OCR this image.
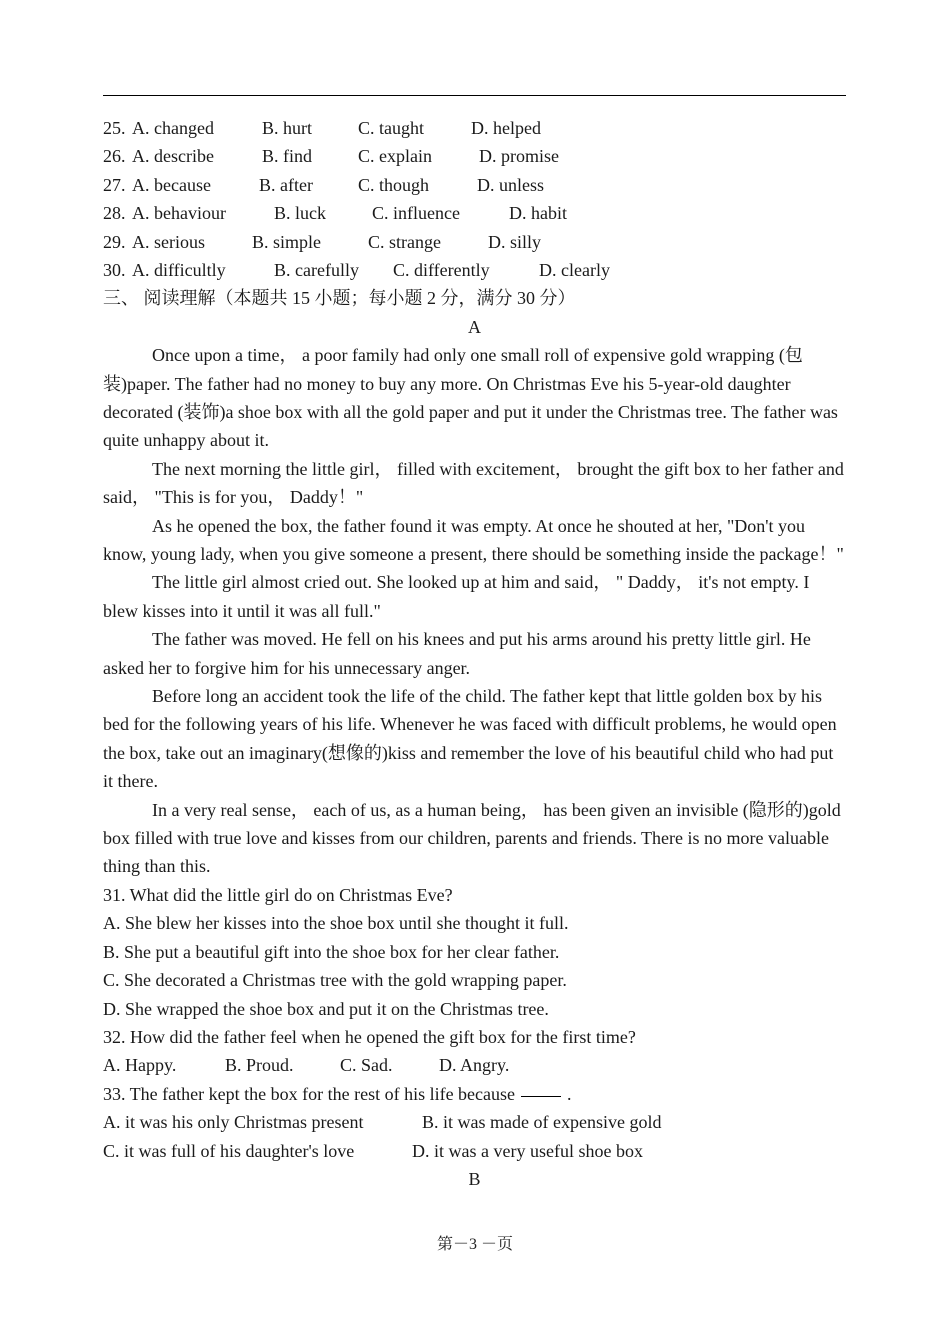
25. A. changed	B. hurt	C. taught	D. helped
26. A. describe	B. find	C. explain	D. promise
27. A. because	B. after	C. though	D. unless
28. A. behaviour	B. luck	C. influence	D. habit
29. A. serious	B. simple	C. strange	D. silly
30. A. difficultly	B. carefully C. differently	D. clearly
三、 阅读理解（本题共 15 小题；每小题 2 分，满分 30 分）
A

Once upon a time， a poor family had only one small roll of expensive gold wrapping (包装)paper. The father had no money to buy any more. On Christmas Eve his 5-year-old daughter decorated (装饰)a shoe box with all the gold paper and put it under the Christmas tree. The father was quite unhappy about it.

The next morning the little girl， filled with excitement， brought the gift box to her father and said， "This is for you， Daddy！"

As he opened the box, the father found it was empty. At once he shouted at her, "Don't you know, young lady, when you give someone a present, there should be something inside the package！"

The little girl almost cried out. She looked up at him and said， " Daddy， it's not empty. I blew kisses into it until it was all full."

The father was moved. He fell on his knees and put his arms around his pretty little girl. He asked her to forgive him for his unnecessary anger.

Before long an accident took the life of the child. The father kept that little golden box by his bed for the following years of his life. Whenever he was faced with difficult problems, he would open the box, take out an imaginary(想像的)kiss and remember the love of his beautiful child who had put it there.

In a very real sense， each of us, as a human being， has been given an invisible (隐形的)gold box filled with true love and kisses from our children, parents and friends. There is no more valuable thing than this.

31. What did the little girl do on Christmas Eve?
A. She blew her kisses into the shoe box until she thought it full.
B. She put a beautiful gift into the shoe box for her clear father.
C. She decorated a Christmas tree with the gold wrapping paper.
D. She wrapped the shoe box and put it on the Christmas tree.
32. How did the father feel when he opened the gift box for the first time?
A. Happy.	B. Proud.	C. Sad.	D. Angry.
33. The father kept the box for the rest of his life because	.
A. it was his only Christmas present	B. it was made of expensive gold
C. it was full of his daughter's love	D. it was a very useful shoe box
B
第－3 －页
